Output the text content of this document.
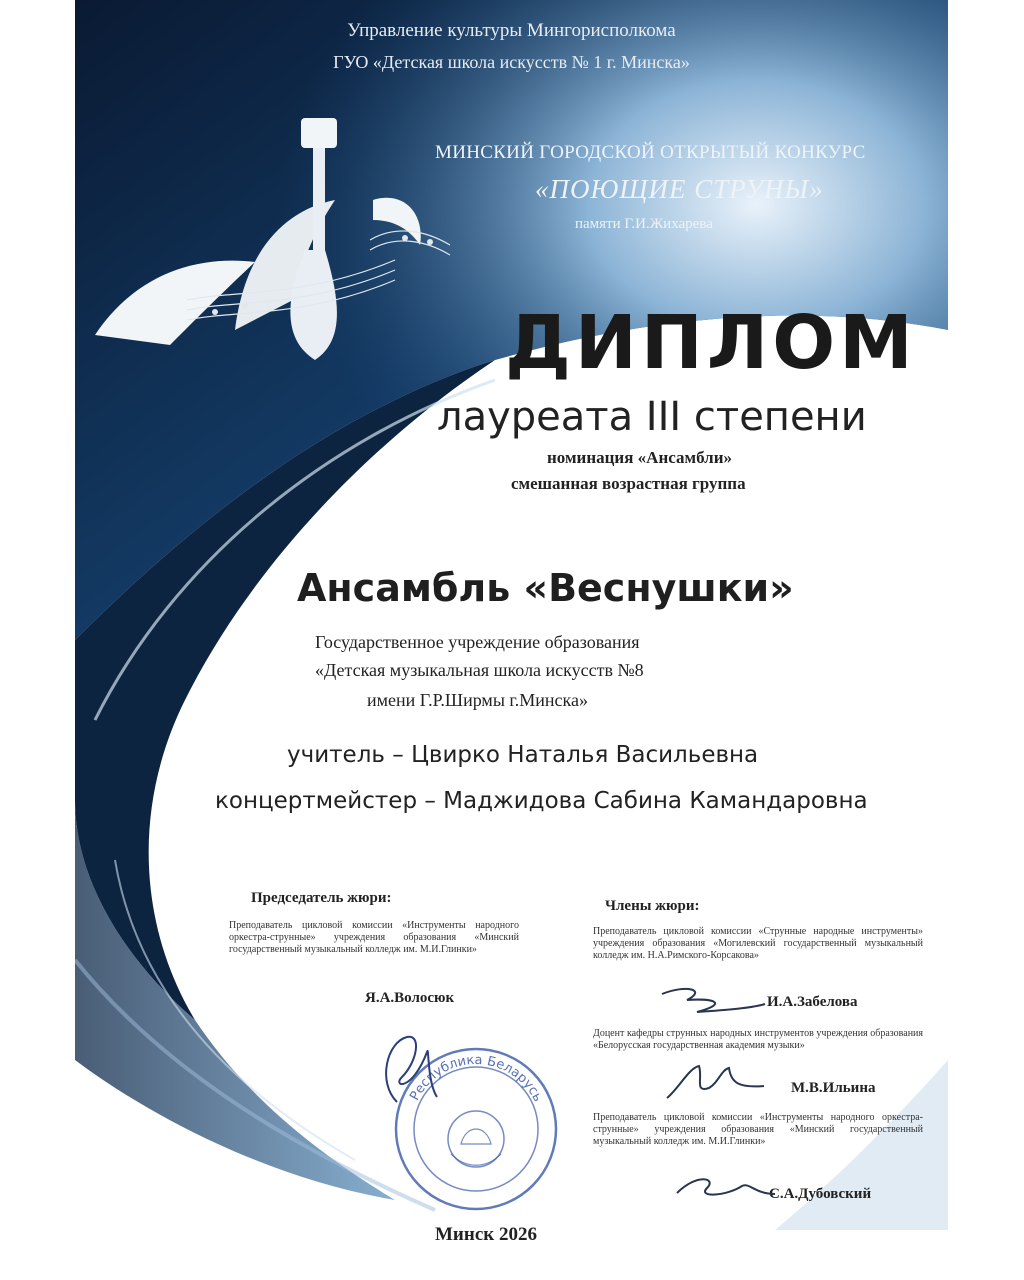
Управление культуры Мингорисполкома

ГУО «Детская школа искусств № 1 г. Минска»

МИНСКИЙ ГОРОДСКОЙ ОТКРЫТЫЙ КОНКУРС

«ПОЮЩИЕ СТРУНЫ»

памяти Г.И.Жихарева

ДИПЛОМ

лауреата III степени

номинация «Ансамбли»

смешанная возрастная группа

Ансамбль «Веснушки»

Государственное учреждение образования

«Детская музыкальная школа искусств №8

имени Г.Р.Ширмы г.Минска»

учитель – Цвирко Наталья Васильевна

концертмейстер – Маджидова Сабина Камандаровна

Председатель жюри:

Преподаватель цикловой комиссии «Инструменты народного оркестра-струнные» учреждения образования «Минский государственный музыкальный колледж им. М.И.Глинки»

Я.А.Волосюк

Члены жюри:

Преподаватель цикловой комиссии «Струнные народные инструменты» учреждения образования «Могилевский государственный музыкальный колледж им. Н.А.Римского-Корсакова»

И.А.Забелова

Доцент кафедры струнных народных инструментов учреждения образования «Белорусская государственная академия музыки»

М.В.Ильина

Преподаватель цикловой комиссии «Инструменты народного оркестра-струнные» учреждения образования «Минский государственный музыкальный колледж им. М.И.Глинки»

С.А.Дубовский

Республика Беларусь

Минск 2026
